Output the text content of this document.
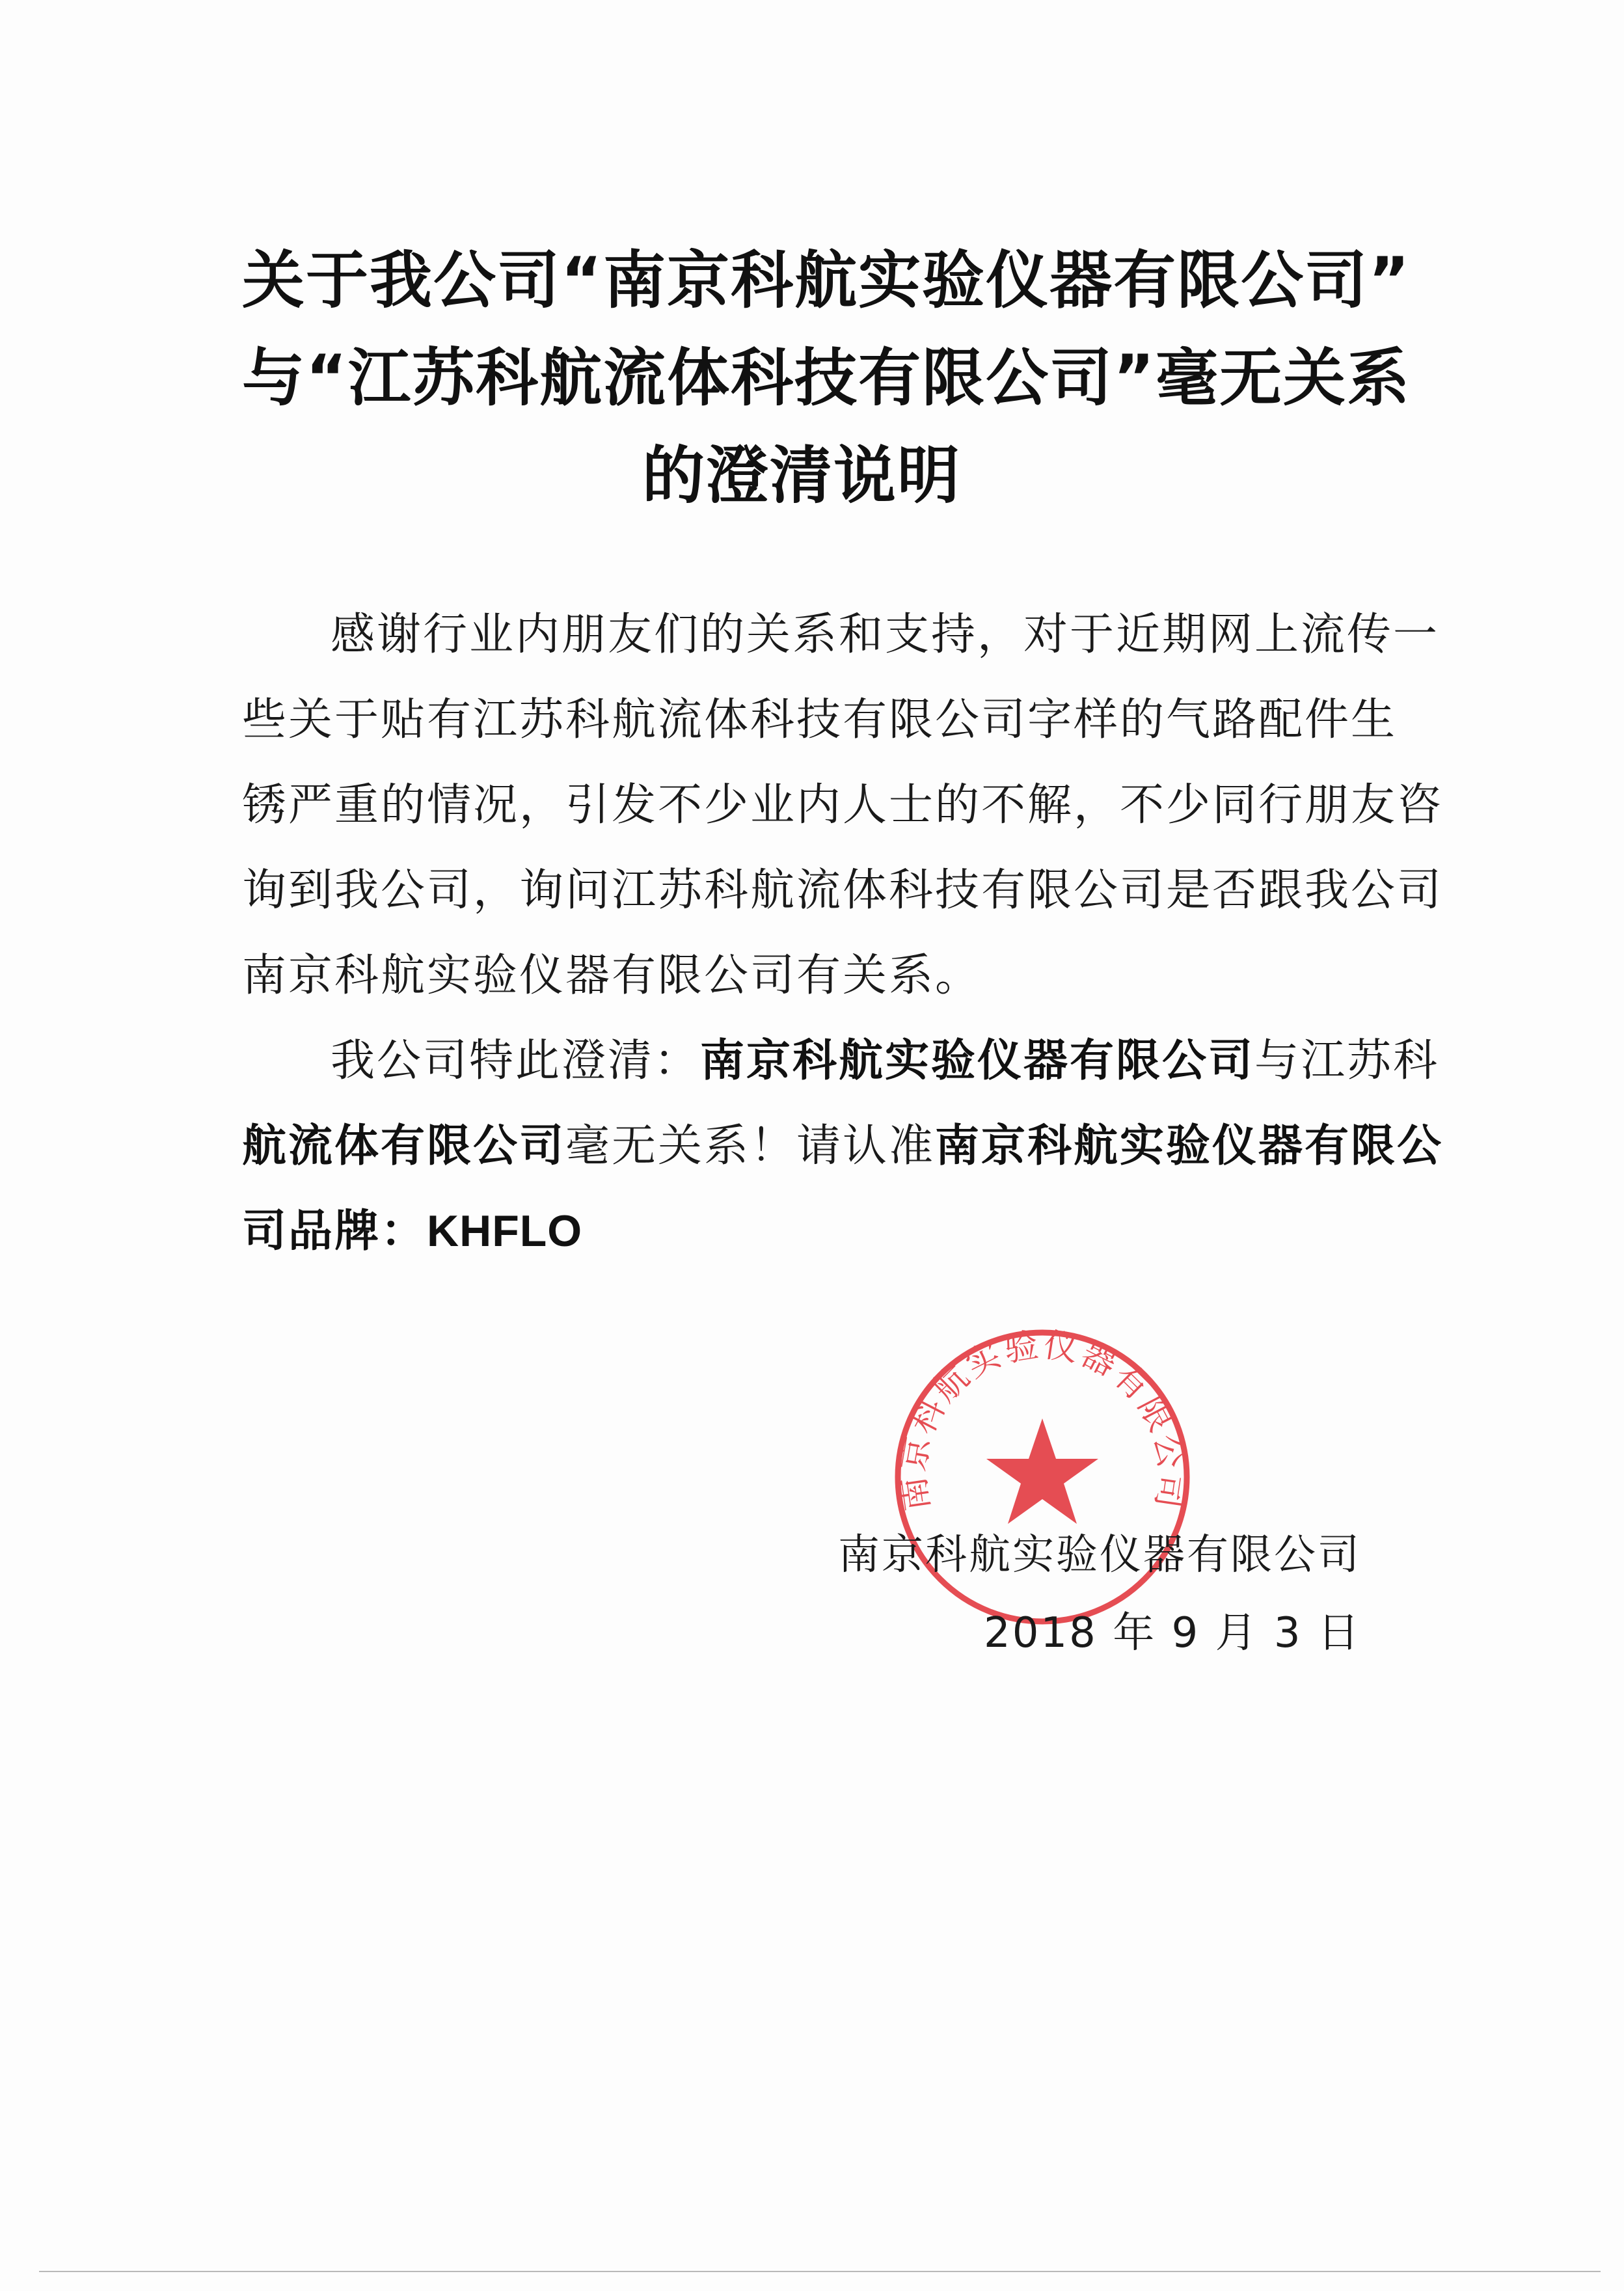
关于我公司“南京科航实验仪器有限公司”
与“江苏科航流体科技有限公司”毫无关系
的澄清说明
感谢行业内朋友们的关系和支持，对于近期网上流传一
些关于贴有江苏科航流体科技有限公司字样的气路配件生
锈严重的情况，引发不少业内人士的不解，不少同行朋友咨
询到我公司，询问江苏科航流体科技有限公司是否跟我公司
南京科航实验仪器有限公司有关系。
我公司特此澄清：南京科航实验仪器有限公司与江苏科
航流体有限公司毫无关系！请认准南京科航实验仪器有限公
司品牌：KHFLO
南京科航实验仪器有限公司
南京科航实验仪器有限公司
2018 年 9 月 3 日
